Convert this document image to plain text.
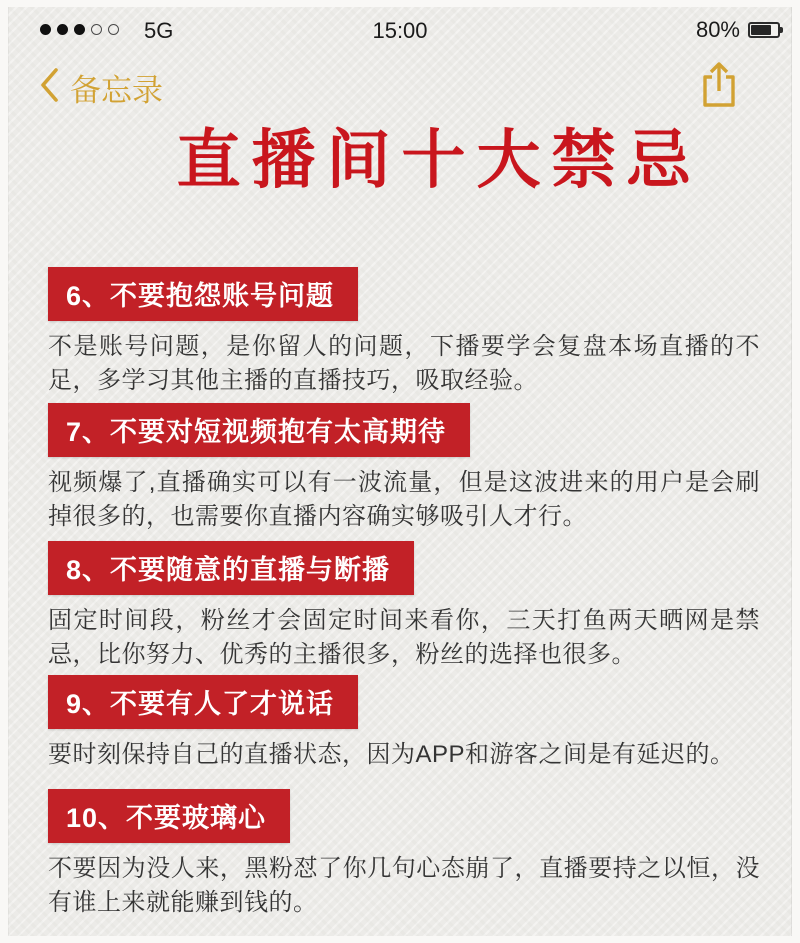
5G	15:00	80%
备忘录
直播间十大禁忌
6、不要抱怨账号问题

不是账号问题，是你留人的问题，下播要学会复盘本场直播的不足，多学习其他主播的直播技巧，吸取经验。

7、不要对短视频抱有太高期待

视频爆了,直播确实可以有一波流量，但是这波进来的用户是会刷掉很多的，也需要你直播内容确实够吸引人才行。

8、不要随意的直播与断播

固定时间段，粉丝才会固定时间来看你，三天打鱼两天晒网是禁忌，比你努力、优秀的主播很多，粉丝的选择也很多。

9、不要有人了才说话

要时刻保持自己的直播状态，因为APP和游客之间是有延迟的。

10、不要玻璃心

不要因为没人来，黑粉怼了你几句心态崩了，直播要持之以恒，没有谁上来就能赚到钱的。
